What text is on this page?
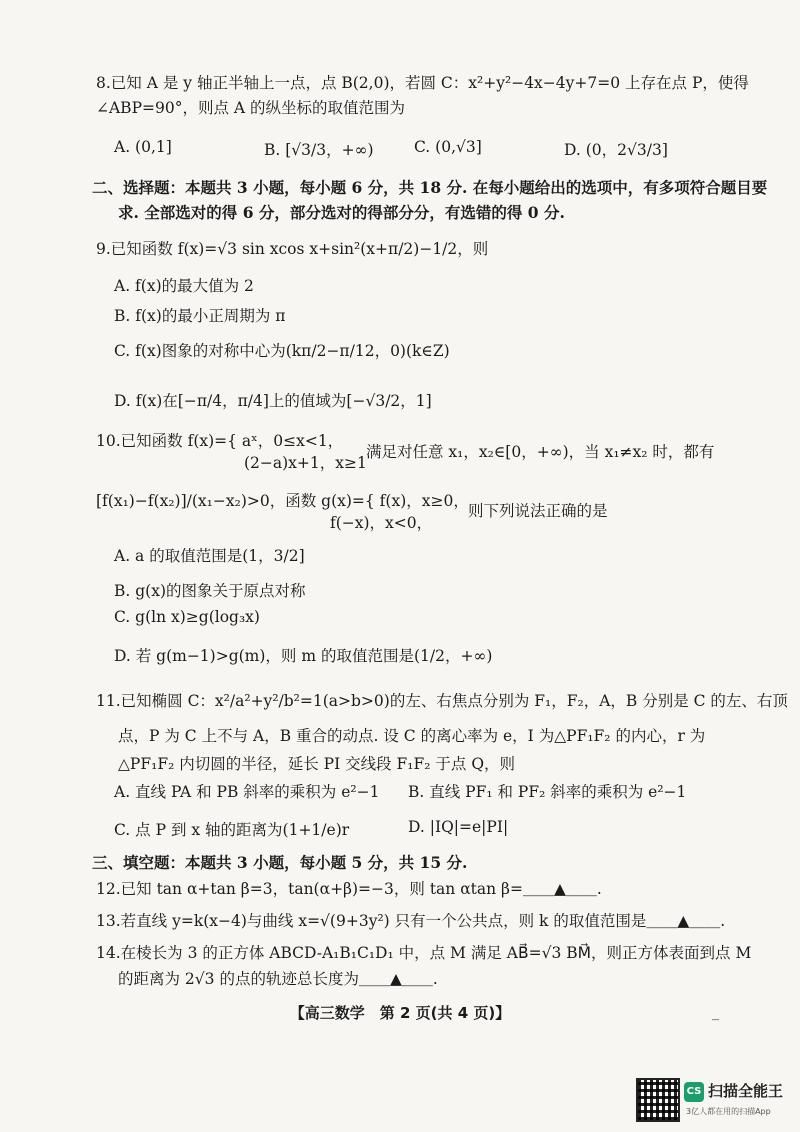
8.已知 A 是 y 轴正半轴上一点，点 B(2,0)，若圆 C：x²+y²−4x−4y+7=0 上存在点 P，使得
∠ABP=90°，则点 A 的纵坐标的取值范围为
A. (0,1]	B. [√3/3，+∞)	C. (0,√3]	D. (0，2√3/3]
二、选择题：本题共 3 小题，每小题 6 分，共 18 分. 在每小题给出的选项中，有多项符合题目要
求. 全部选对的得 6 分，部分选对的得部分分，有选错的得 0 分.
9.已知函数 f(x)=√3 sin xcos x+sin²(x+π/2)−1/2，则
A. f(x)的最大值为 2
B. f(x)的最小正周期为 π
C. f(x)图象的对称中心为(kπ/2−π/12，0)(k∈Z)
D. f(x)在[−π/4，π/4]上的值域为[−√3/2，1]
10.已知函数 f(x)={ aˣ，0≤x<1，
(2−a)x+1，x≥1
满足对任意 x₁，x₂∈[0，+∞)，当 x₁≠x₂ 时，都有
[f(x₁)−f(x₂)]/(x₁−x₂)>0，函数 g(x)={ f(x)，x≥0，
f(−x)，x<0，
则下列说法正确的是
A. a 的取值范围是(1，3/2]
B. g(x)的图象关于原点对称
C. g(ln x)≥g(log₃x)
D. 若 g(m−1)>g(m)，则 m 的取值范围是(1/2，+∞)
11.已知椭圆 C：x²/a²+y²/b²=1(a>b>0)的左、右焦点分别为 F₁，F₂，A，B 分别是 C 的左、右顶
点，P 为 C 上不与 A，B 重合的动点. 设 C 的离心率为 e，I 为△PF₁F₂ 的内心，r 为
△PF₁F₂ 内切圆的半径，延长 PI 交线段 F₁F₂ 于点 Q，则
A. 直线 PA 和 PB 斜率的乘积为 e²−1 B. 直线 PF₁ 和 PF₂ 斜率的乘积为 e²−1
C. 点 P 到 x 轴的距离为(1+1/e)r	D. |IQ|=e|PI|
三、填空题：本题共 3 小题，每小题 5 分，共 15 分.
12.已知 tan α+tan β=3，tan(α+β)=−3，则 tan αtan β=＿＿▲＿＿.
13.若直线 y=k(x−4)与曲线 x=√(9+3y²) 只有一个公共点，则 k 的取值范围是＿＿▲＿＿.
14.在棱长为 3 的正方体 ABCD-A₁B₁C₁D₁ 中，点 M 满足 AB⃗=√3 BM⃗，则正方体表面到点 M
的距离为 2√3 的点的轨迹总长度为＿＿▲＿＿.
【高三数学　第 2 页(共 4 页)】	_
CS 扫描全能王
3亿人都在用的扫描App
